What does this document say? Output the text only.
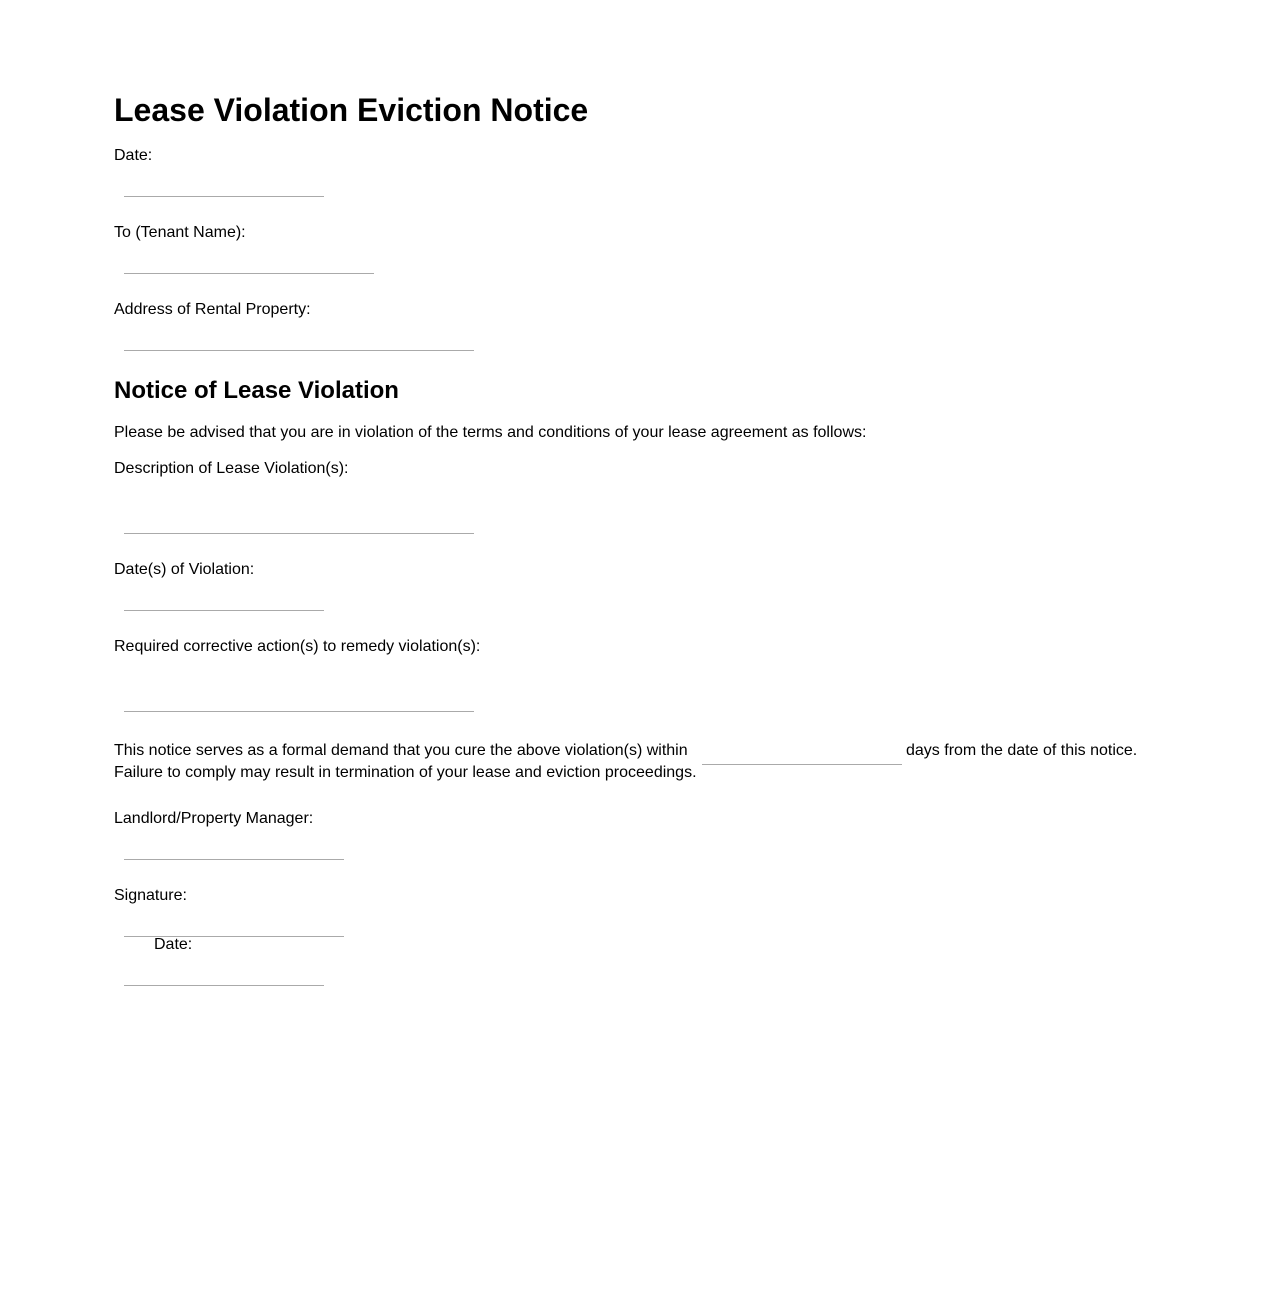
Lease Violation Eviction Notice
Date:
To (Tenant Name):
Address of Rental Property:
Notice of Lease Violation
Please be advised that you are in violation of the terms and conditions of your lease agreement as follows:
Description of Lease Violation(s):
Date(s) of Violation:
Required corrective action(s) to remedy violation(s):
This notice serves as a formal demand that you cure the above violation(s) within	days from the date of this notice.
Failure to comply may result in termination of your lease and eviction proceedings.
Landlord/Property Manager:
Signature:
Date:
